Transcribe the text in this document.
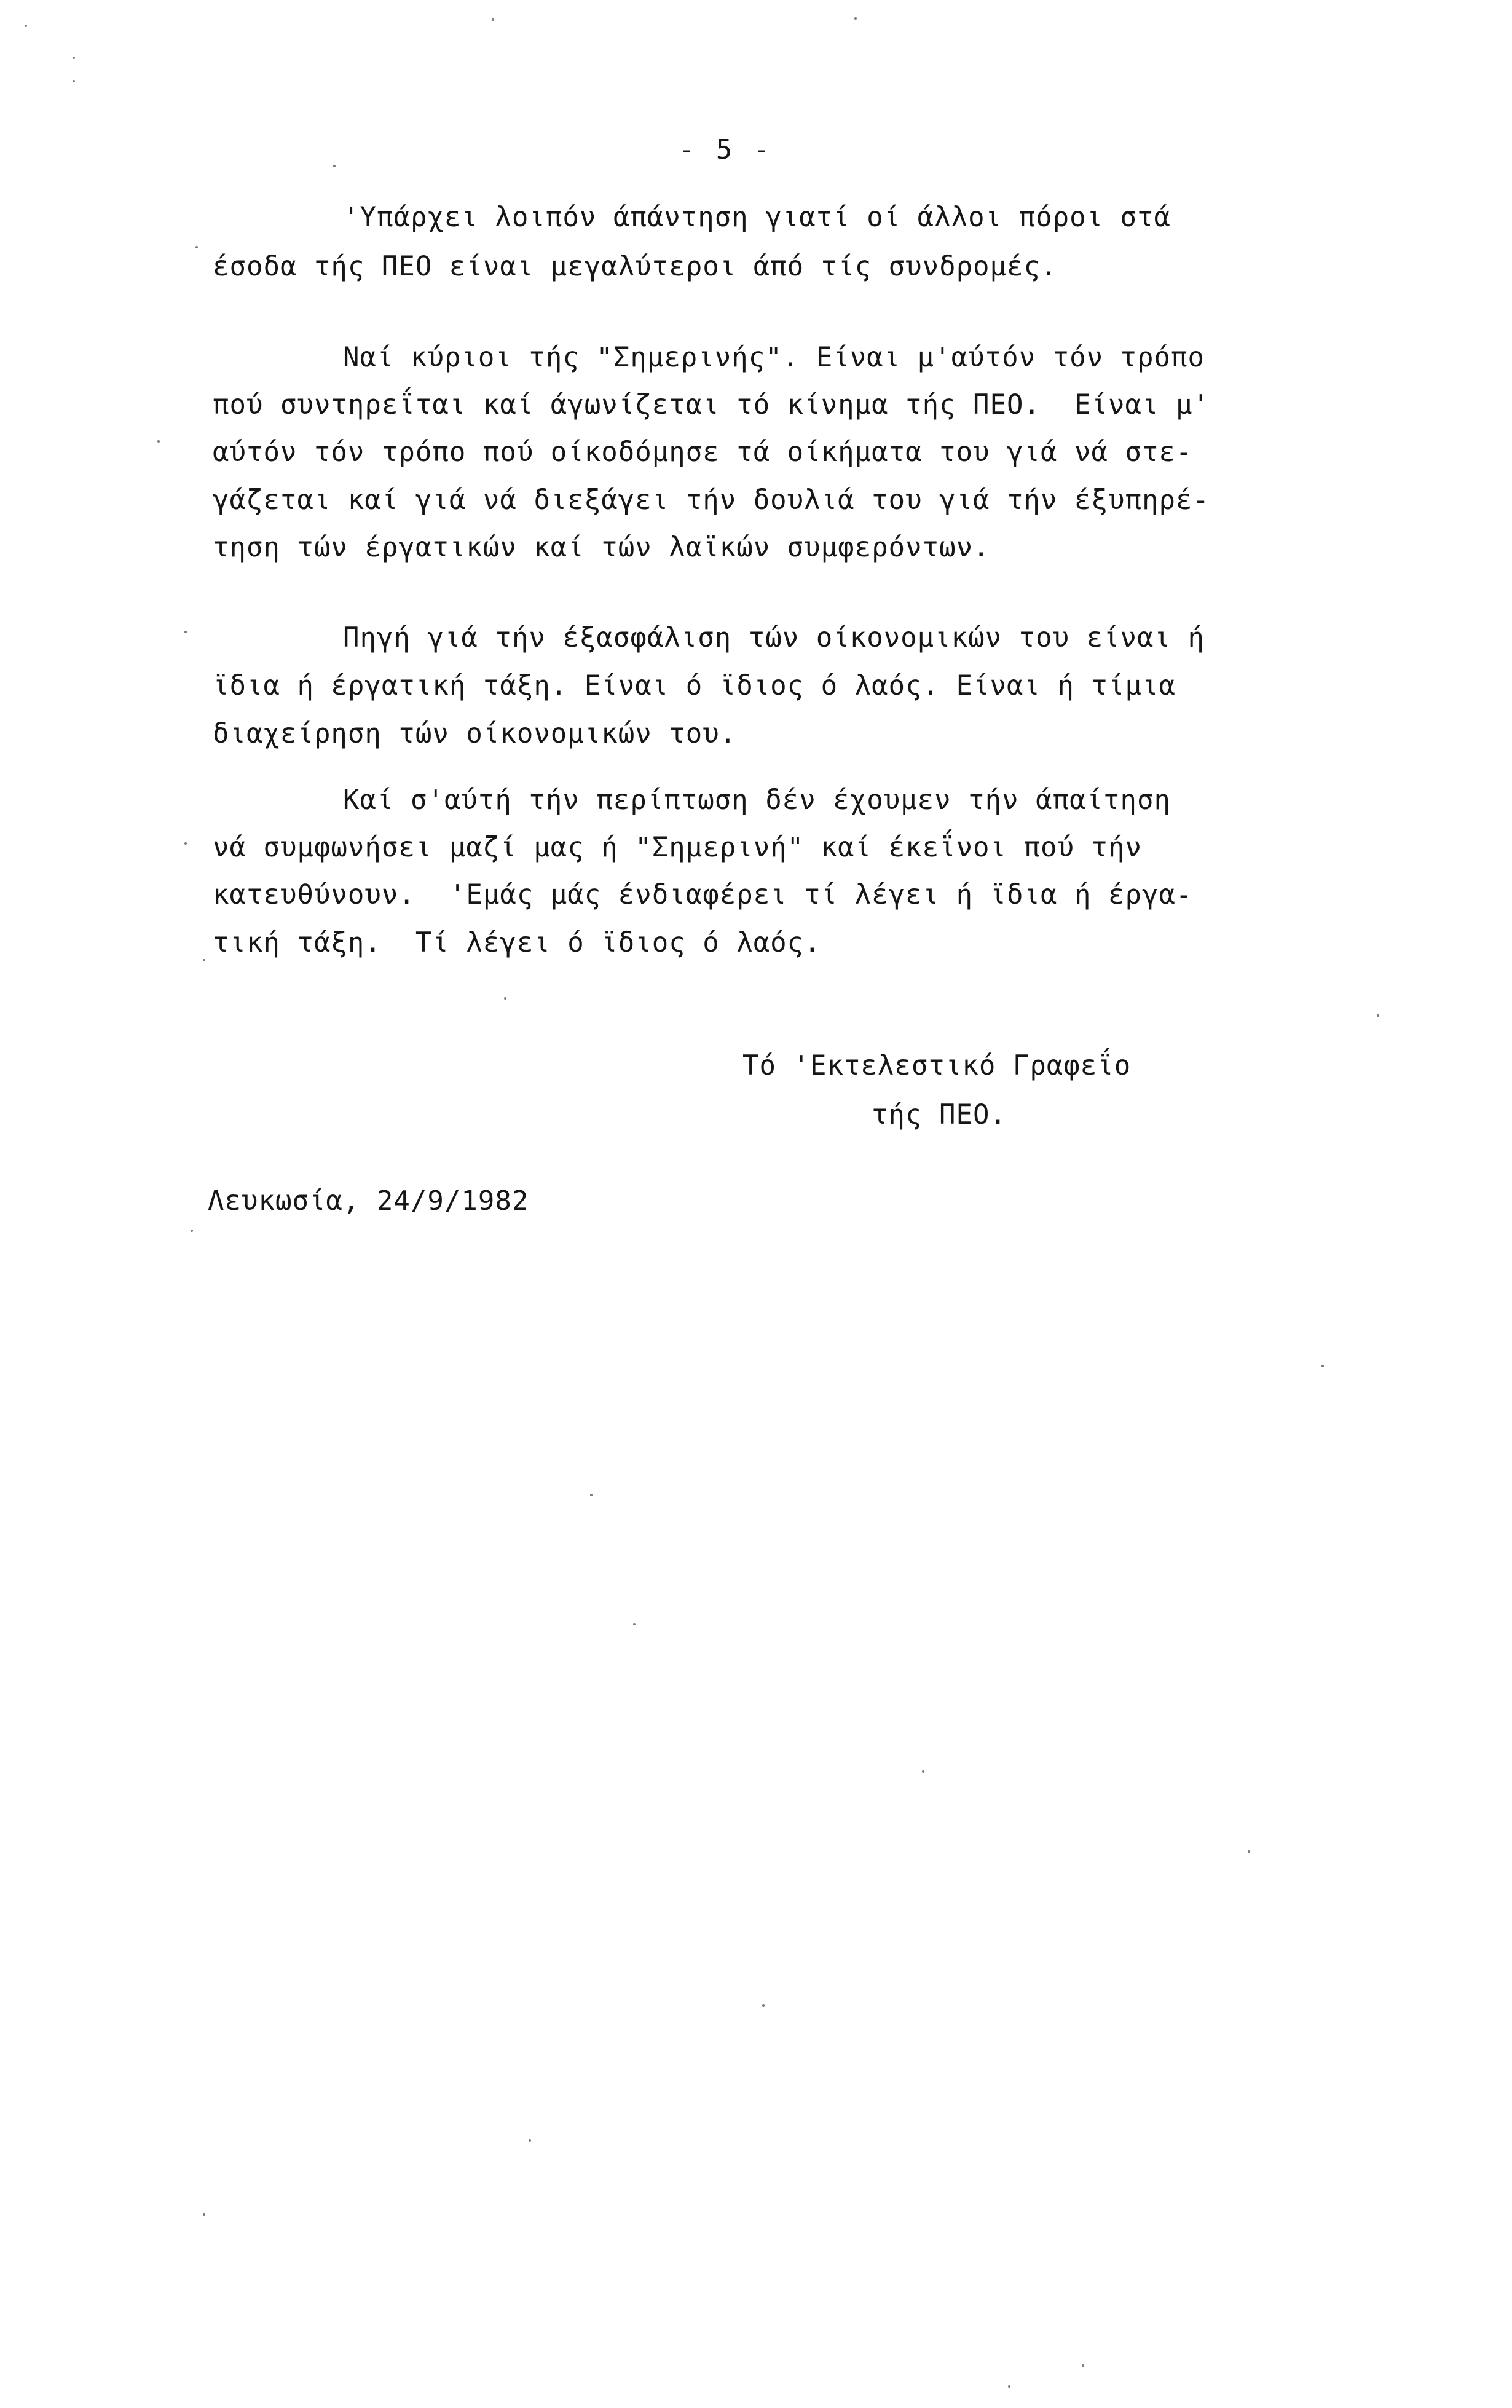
- 5 -
'Υπάρχει λοιπόν άπάντηση γιατί οί άλλοι πόροι στά
έσοδα τής ΠΕΟ είναι μεγαλύτεροι άπό τίς συνδρομές.
Ναί κύριοι τής "Σημερινής". Είναι μ'αύτόν τόν τρόπο
πού συντηρεΐται καί άγωνίζεται τό κίνημα τής ΠΕΟ.  Είναι μ'
αύτόν τόν τρόπο πού οίκοδόμησε τά οίκήματα του γιά νά στε-
γάζεται καί γιά νά διεξάγει τήν δουλιά του γιά τήν έξυπηρέ-
τηση τών έργατικών καί τών λαϊκών συμφερόντων.
Πηγή γιά τήν έξασφάλιση τών οίκονομικών του είναι ή
ϊδια ή έργατική τάξη. Είναι ό ϊδιος ό λαός. Είναι ή τίμια
διαχείρηση τών οίκονομικών του.
Καί σ'αύτή τήν περίπτωση δέν έχουμεν τήν άπαίτηση
νά συμφωνήσει μαζί μας ή "Σημερινή" καί έκεΐνοι πού τήν
κατευθύνουν.  'Εμάς μάς ένδιαφέρει τί λέγει ή ϊδια ή έργα-
τική τάξη.  Τί λέγει ό ϊδιος ό λαός.
Τό 'Εκτελεστικό Γραφεΐο
τής ΠΕΟ.
Λευκωσία, 24/9/1982
